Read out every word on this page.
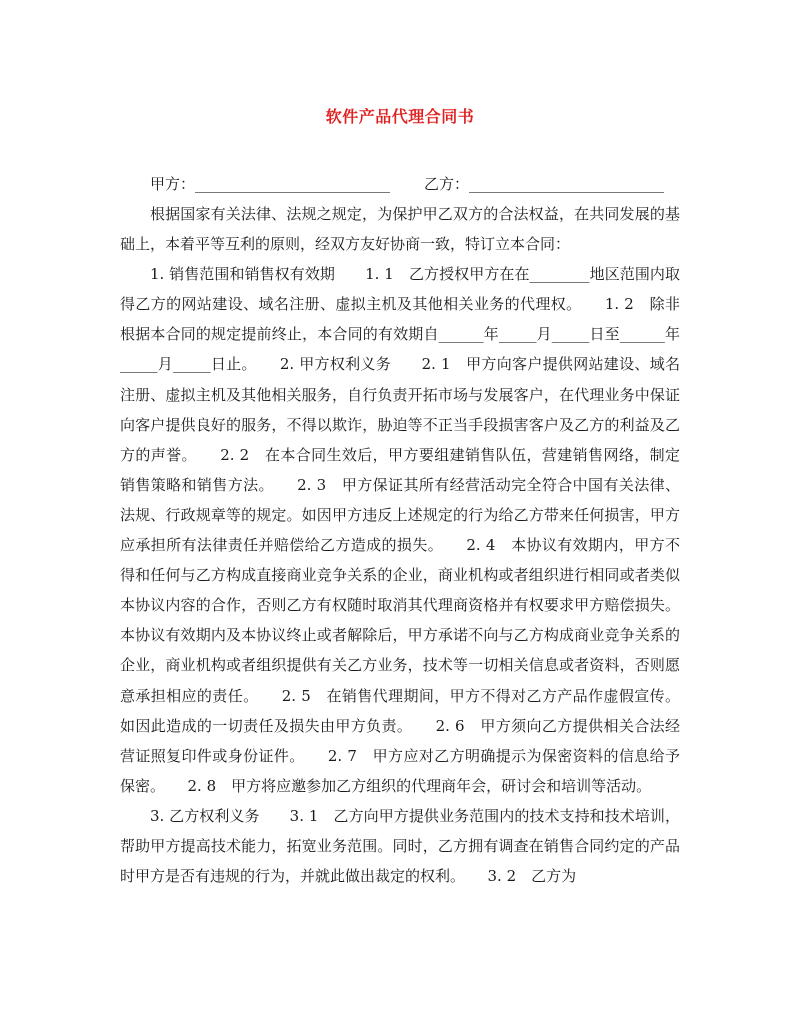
软件产品代理合同书
甲方：__________________________ 乙方：__________________________

根据国家有关法律、法规之规定，为保护甲乙双方的合法权益，在共同发展的基础上，本着平等互利的原则，经双方友好协商一致，特订立本合同：

1. 销售范围和销售权有效期　　1. 1　乙方授权甲方在在________地区范围内取得乙方的网站建设、域名注册、虚拟主机及其他相关业务的代理权。　　1. 2　除非根据本合同的规定提前终止，本合同的有效期自______年_____月_____日至______年_____月_____日止。　　2. 甲方权利义务　　2. 1　甲方向客户提供网站建设、域名注册、虚拟主机及其他相关服务，自行负责开拓市场与发展客户，在代理业务中保证向客户提供良好的服务，不得以欺诈，胁迫等不正当手段损害客户及乙方的利益及乙方的声誉。　　2. 2　在本合同生效后，甲方要组建销售队伍，营建销售网络，制定销售策略和销售方法。　　2. 3　甲方保证其所有经营活动完全符合中国有关法律、法规、行政规章等的规定。如因甲方违反上述规定的行为给乙方带来任何损害，甲方应承担所有法律责任并赔偿给乙方造成的损失。　　2. 4　本协议有效期内，甲方不得和任何与乙方构成直接商业竞争关系的企业，商业机构或者组织进行相同或者类似本协议内容的合作，否则乙方有权随时取消其代理商资格并有权要求甲方赔偿损失。本协议有效期内及本协议终止或者解除后，甲方承诺不向与乙方构成商业竞争关系的企业，商业机构或者组织提供有关乙方业务，技术等一切相关信息或者资料，否则愿意承担相应的责任。　　2. 5　在销售代理期间，甲方不得对乙方产品作虚假宣传。如因此造成的一切责任及损失由甲方负责。　　2. 6　甲方须向乙方提供相关合法经营证照复印件或身份证件。　　2. 7　甲方应对乙方明确提示为保密资料的信息给予保密。　　2. 8　甲方将应邀参加乙方组织的代理商年会，研讨会和培训等活动。

3. 乙方权利义务　　3. 1　乙方向甲方提供业务范围内的技术支持和技术培训，帮助甲方提高技术能力，拓宽业务范围。同时，乙方拥有调查在销售合同约定的产品时甲方是否有违规的行为，并就此做出裁定的权利。　　3. 2　乙方为
